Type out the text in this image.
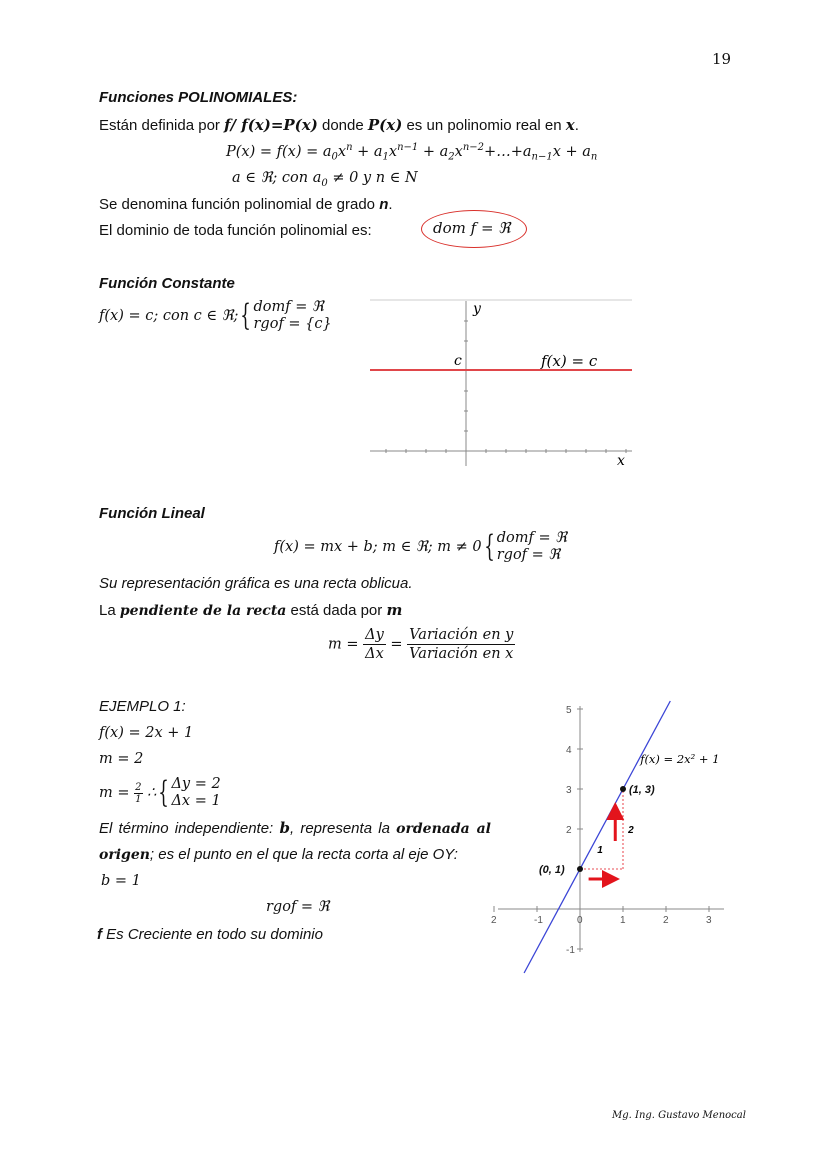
19
Funciones POLINOMIALES:
Están definida por f/ f(x)=P(x) donde P(x) es un polinomio real en x.
$P(x) = f(x) = a_0x^n + a_1x^{n-1}$ + $a_2x^{n-2}+\dots+a_{n-1}x + a_n$
a ∈ ℜ; con $a_0 \ne 0$ y n ∈ N
Se denomina función polinomial de grado n.
El dominio de toda función polinomial es:	dom f = ℜ
Función Constante
f(x) = c; con c ∈ ℜ;{ domf = ℜ
rgof = {c}
y
x
c	f(x) = c
Función Lineal
f(x) = mx + b; m ∈ ℜ; m ≠ 0{ domf = ℜ
rgof = ℜ
Su representación gráfica es una recta oblicua.
La pendiente de la recta está dada por m
$m = \frac{\Delta y}{\Delta x} = \frac{\text{Variación en y}}{\text{Variación en x}}$
EJEMPLO 1:
f(x) = 2x + 1
m = 2
$m = \frac{2}{1}$ ∴{ Δy = 2
Δx = 1
El término independiente: b, representa la ordenada al
origen; es el punto en el que la recta corta al eje OY:
b = 1
rgof = ℜ
f Es Creciente en todo su dominio
2	-1	0	1	2	3
-1
2
3
4
5
(0, 1)
(1, 3)
1
2
f(x) = 2x² + 1
Mg. Ing. Gustavo Menocal
